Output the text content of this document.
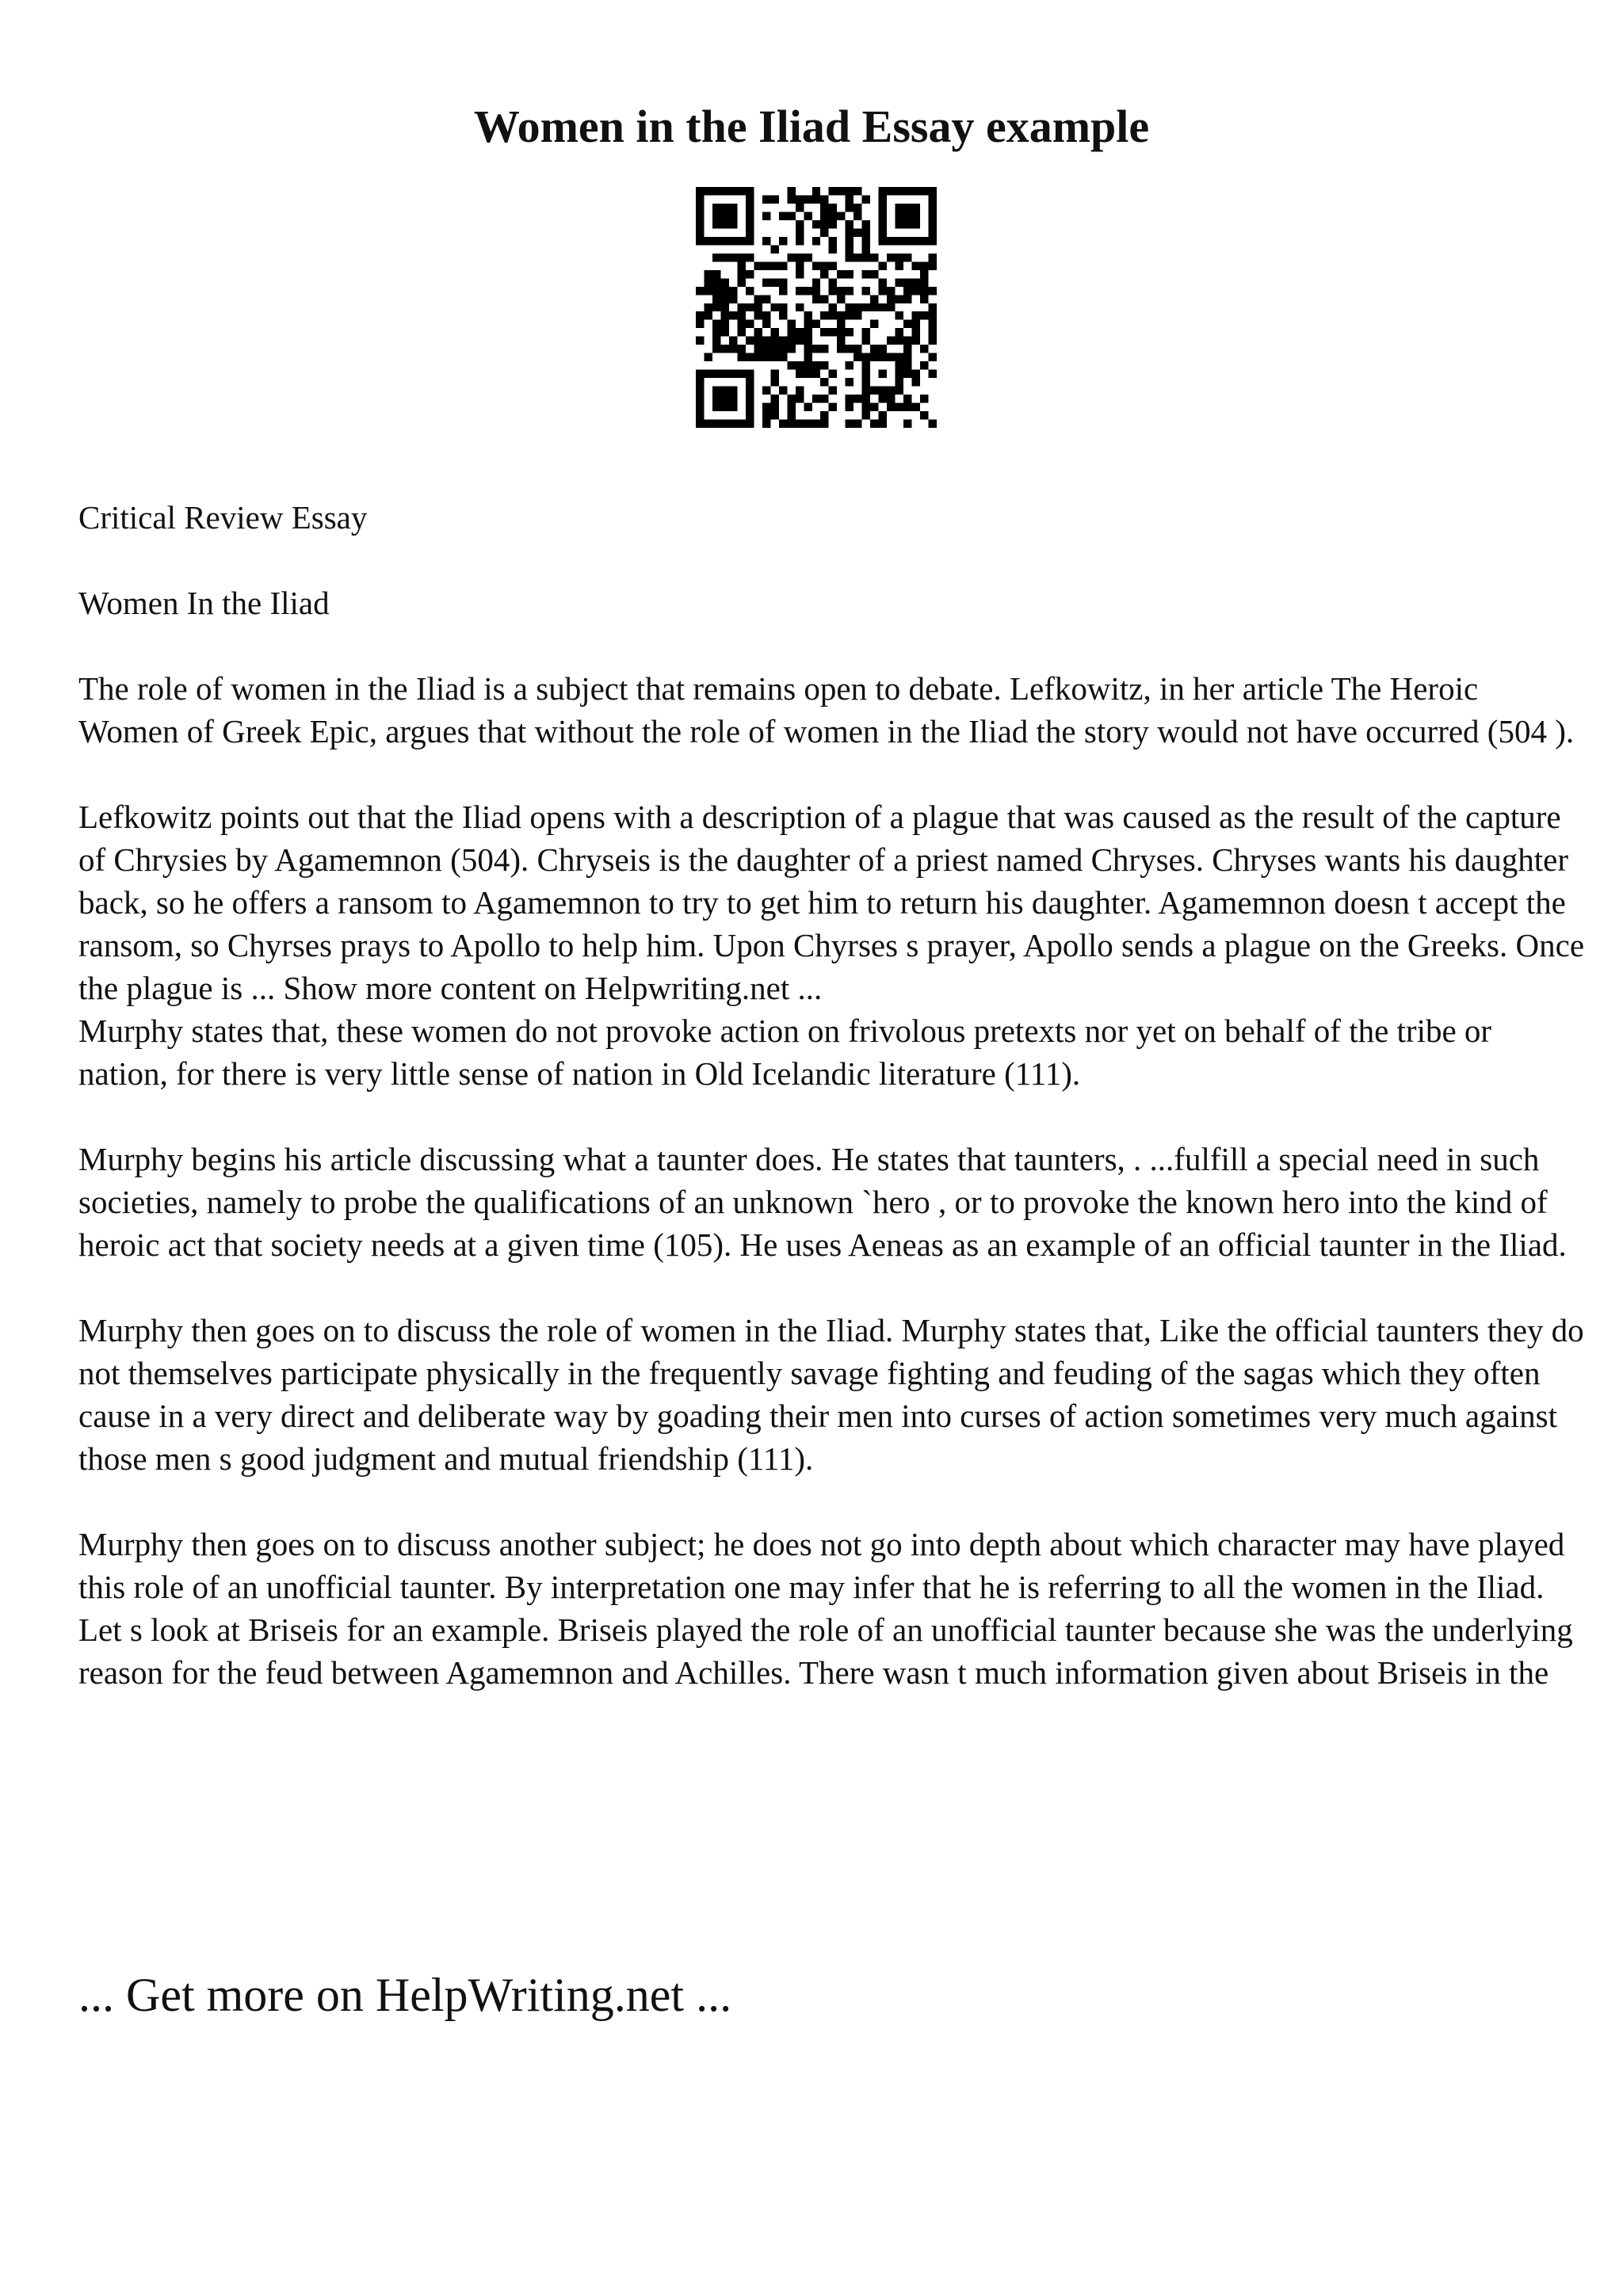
Women in the Iliad Essay example

Critical Review Essay

Women In the Iliad

The role of women in the Iliad is a subject that remains open to debate. Lefkowitz, in her article The Heroic Women of Greek Epic, argues that without the role of women in the Iliad the story would not have occurred (504 ).

Lefkowitz points out that the Iliad opens with a description of a plague that was caused as the result of the capture of Chrysies by Agamemnon (504). Chryseis is the daughter of a priest named Chryses. Chryses wants his daughter back, so he offers a ransom to Agamemnon to try to get him to return his daughter. Agamemnon doesn t accept the ransom, so Chyrses prays to Apollo to help him. Upon Chyrses s prayer, Apollo sends a plague on the Greeks. Once the plague is ... Show more content on Helpwriting.net ...

Murphy states that, these women do not provoke action on frivolous pretexts nor yet on behalf of the tribe or nation, for there is very little sense of nation in Old Icelandic literature (111).

Murphy begins his article discussing what a taunter does. He states that taunters, . ...fulfill a special need in such societies, namely to probe the qualifications of an unknown `hero , or to provoke the known hero into the kind of heroic act that society needs at a given time (105). He uses Aeneas as an example of an official taunter in the Iliad.

Murphy then goes on to discuss the role of women in the Iliad. Murphy states that, Like the official taunters they do not themselves participate physically in the frequently savage fighting and feuding of the sagas which they often cause in a very direct and deliberate way by goading their men into curses of action sometimes very much against those men s good judgment and mutual friendship (111).

Murphy then goes on to discuss another subject; he does not go into depth about which character may have played this role of an unofficial taunter. By interpretation one may infer that he is referring to all the women in the Iliad. Let s look at Briseis for an example. Briseis played the role of an unofficial taunter because she was the underlying reason for the feud between Agamemnon and Achilles. There wasn t much information given about Briseis in the

... Get more on HelpWriting.net ...
